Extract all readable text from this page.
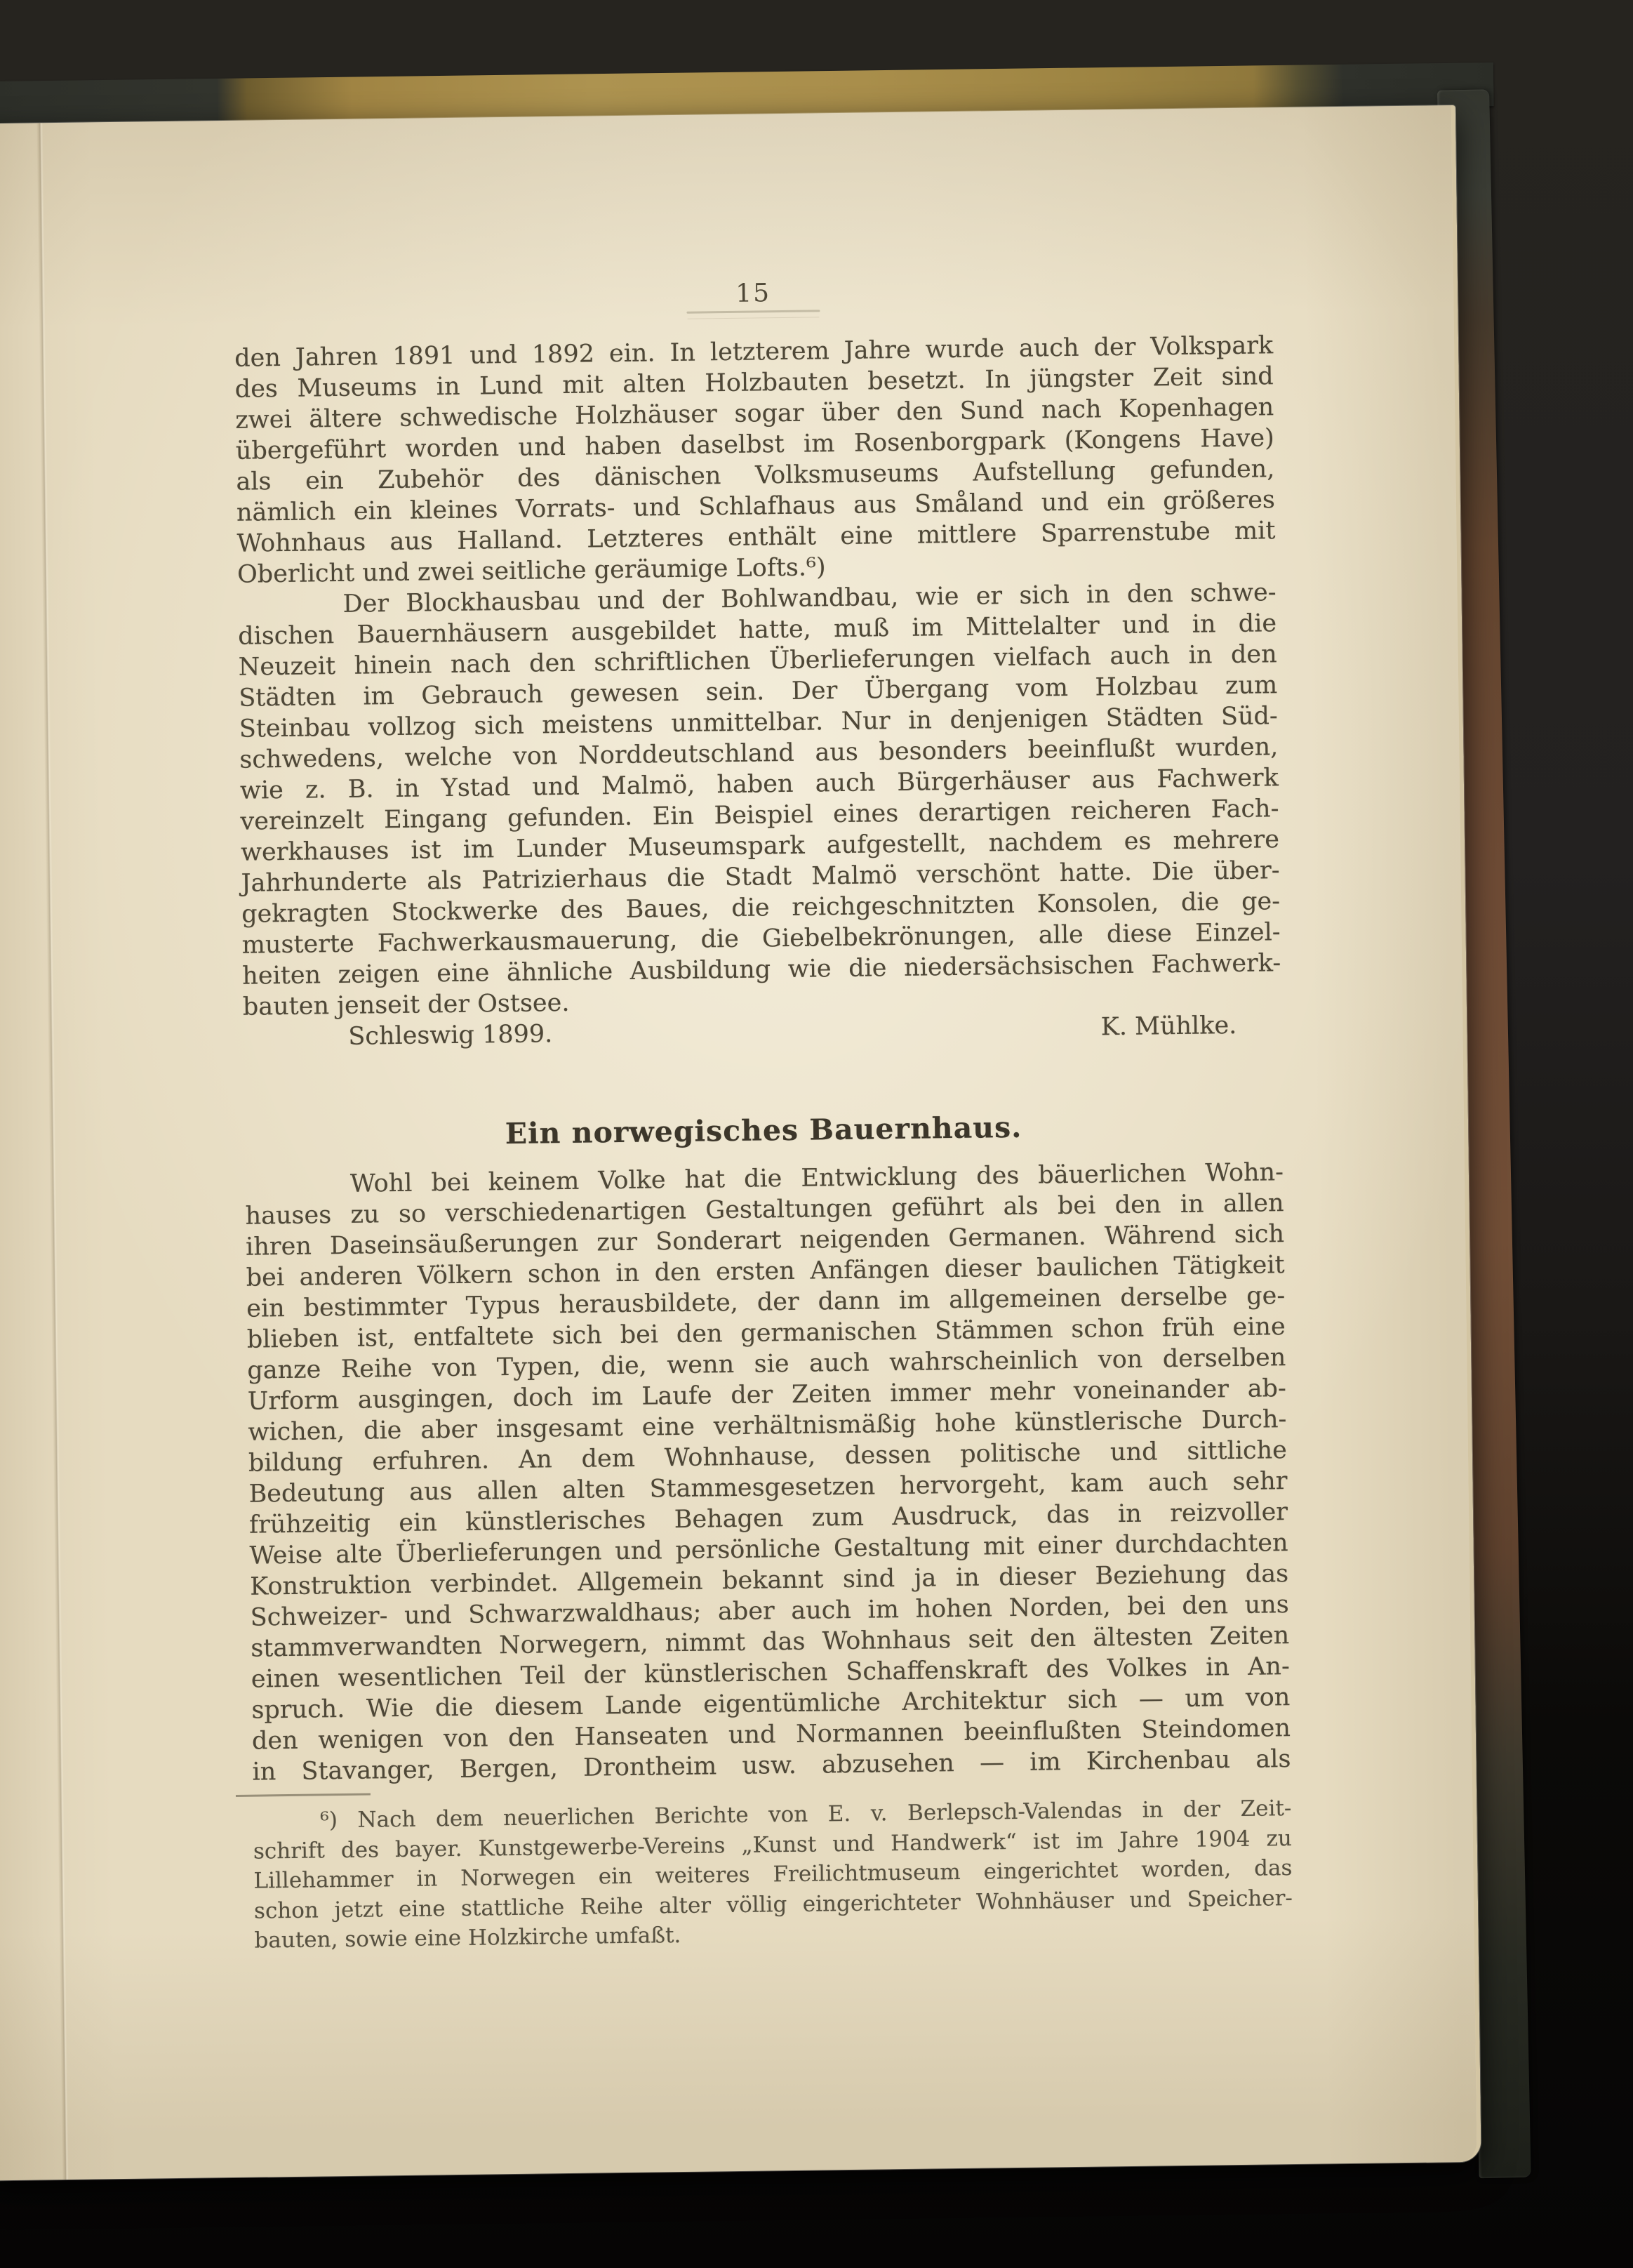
15
den Jahren 1891 und 1892 ein. In letzterem Jahre wurde auch der Volkspark
des Museums in Lund mit alten Holzbauten besetzt. In jüngster Zeit sind
zwei ältere schwedische Holzhäuser sogar über den Sund nach Kopenhagen
übergeführt worden und haben daselbst im Rosenborgpark (Kongens Have)
als ein Zubehör des dänischen Volksmuseums Aufstellung gefunden,
nämlich ein kleines Vorrats- und Schlafhaus aus Småland und ein größeres
Wohnhaus aus Halland. Letzteres enthält eine mittlere Sparrenstube mit
Oberlicht und zwei seitliche geräumige Lofts.⁶)
Der Blockhausbau und der Bohlwandbau, wie er sich in den schwe-
dischen Bauernhäusern ausgebildet hatte, muß im Mittelalter und in die
Neuzeit hinein nach den schriftlichen Überlieferungen vielfach auch in den
Städten im Gebrauch gewesen sein. Der Übergang vom Holzbau zum
Steinbau vollzog sich meistens unmittelbar. Nur in denjenigen Städten Süd-
schwedens, welche von Norddeutschland aus besonders beeinflußt wurden,
wie z. B. in Ystad und Malmö, haben auch Bürgerhäuser aus Fachwerk
vereinzelt Eingang gefunden. Ein Beispiel eines derartigen reicheren Fach-
werkhauses ist im Lunder Museumspark aufgestellt, nachdem es mehrere
Jahrhunderte als Patrizierhaus die Stadt Malmö verschönt hatte. Die über-
gekragten Stockwerke des Baues, die reichgeschnitzten Konsolen, die ge-
musterte Fachwerkausmauerung, die Giebelbekrönungen, alle diese Einzel-
heiten zeigen eine ähnliche Ausbildung wie die niedersächsischen Fachwerk-
bauten jenseit der Ostsee.
Schleswig 1899.	K. Mühlke.
Ein norwegisches Bauernhaus.
Wohl bei keinem Volke hat die Entwicklung des bäuerlichen Wohn-
hauses zu so verschiedenartigen Gestaltungen geführt als bei den in allen
ihren Daseinsäußerungen zur Sonderart neigenden Germanen. Während sich
bei anderen Völkern schon in den ersten Anfängen dieser baulichen Tätigkeit
ein bestimmter Typus herausbildete, der dann im allgemeinen derselbe ge-
blieben ist, entfaltete sich bei den germanischen Stämmen schon früh eine
ganze Reihe von Typen, die, wenn sie auch wahrscheinlich von derselben
Urform ausgingen, doch im Laufe der Zeiten immer mehr voneinander ab-
wichen, die aber insgesamt eine verhältnismäßig hohe künstlerische Durch-
bildung erfuhren. An dem Wohnhause, dessen politische und sittliche
Bedeutung aus allen alten Stammesgesetzen hervorgeht, kam auch sehr
frühzeitig ein künstlerisches Behagen zum Ausdruck, das in reizvoller
Weise alte Überlieferungen und persönliche Gestaltung mit einer durchdachten
Konstruktion verbindet. Allgemein bekannt sind ja in dieser Beziehung das
Schweizer- und Schwarzwaldhaus; aber auch im hohen Norden, bei den uns
stammverwandten Norwegern, nimmt das Wohnhaus seit den ältesten Zeiten
einen wesentlichen Teil der künstlerischen Schaffenskraft des Volkes in An-
spruch. Wie die diesem Lande eigentümliche Architektur sich — um von
den wenigen von den Hanseaten und Normannen beeinflußten Steindomen
in Stavanger, Bergen, Drontheim usw. abzusehen — im Kirchenbau als
⁶) Nach dem neuerlichen Berichte von E. v. Berlepsch-Valendas in der Zeit-
schrift des bayer. Kunstgewerbe-Vereins „Kunst und Handwerk“ ist im Jahre 1904 zu
Lillehammer in Norwegen ein weiteres Freilichtmuseum eingerichtet worden, das
schon jetzt eine stattliche Reihe alter völlig eingerichteter Wohnhäuser und Speicher-
bauten, sowie eine Holzkirche umfaßt.
